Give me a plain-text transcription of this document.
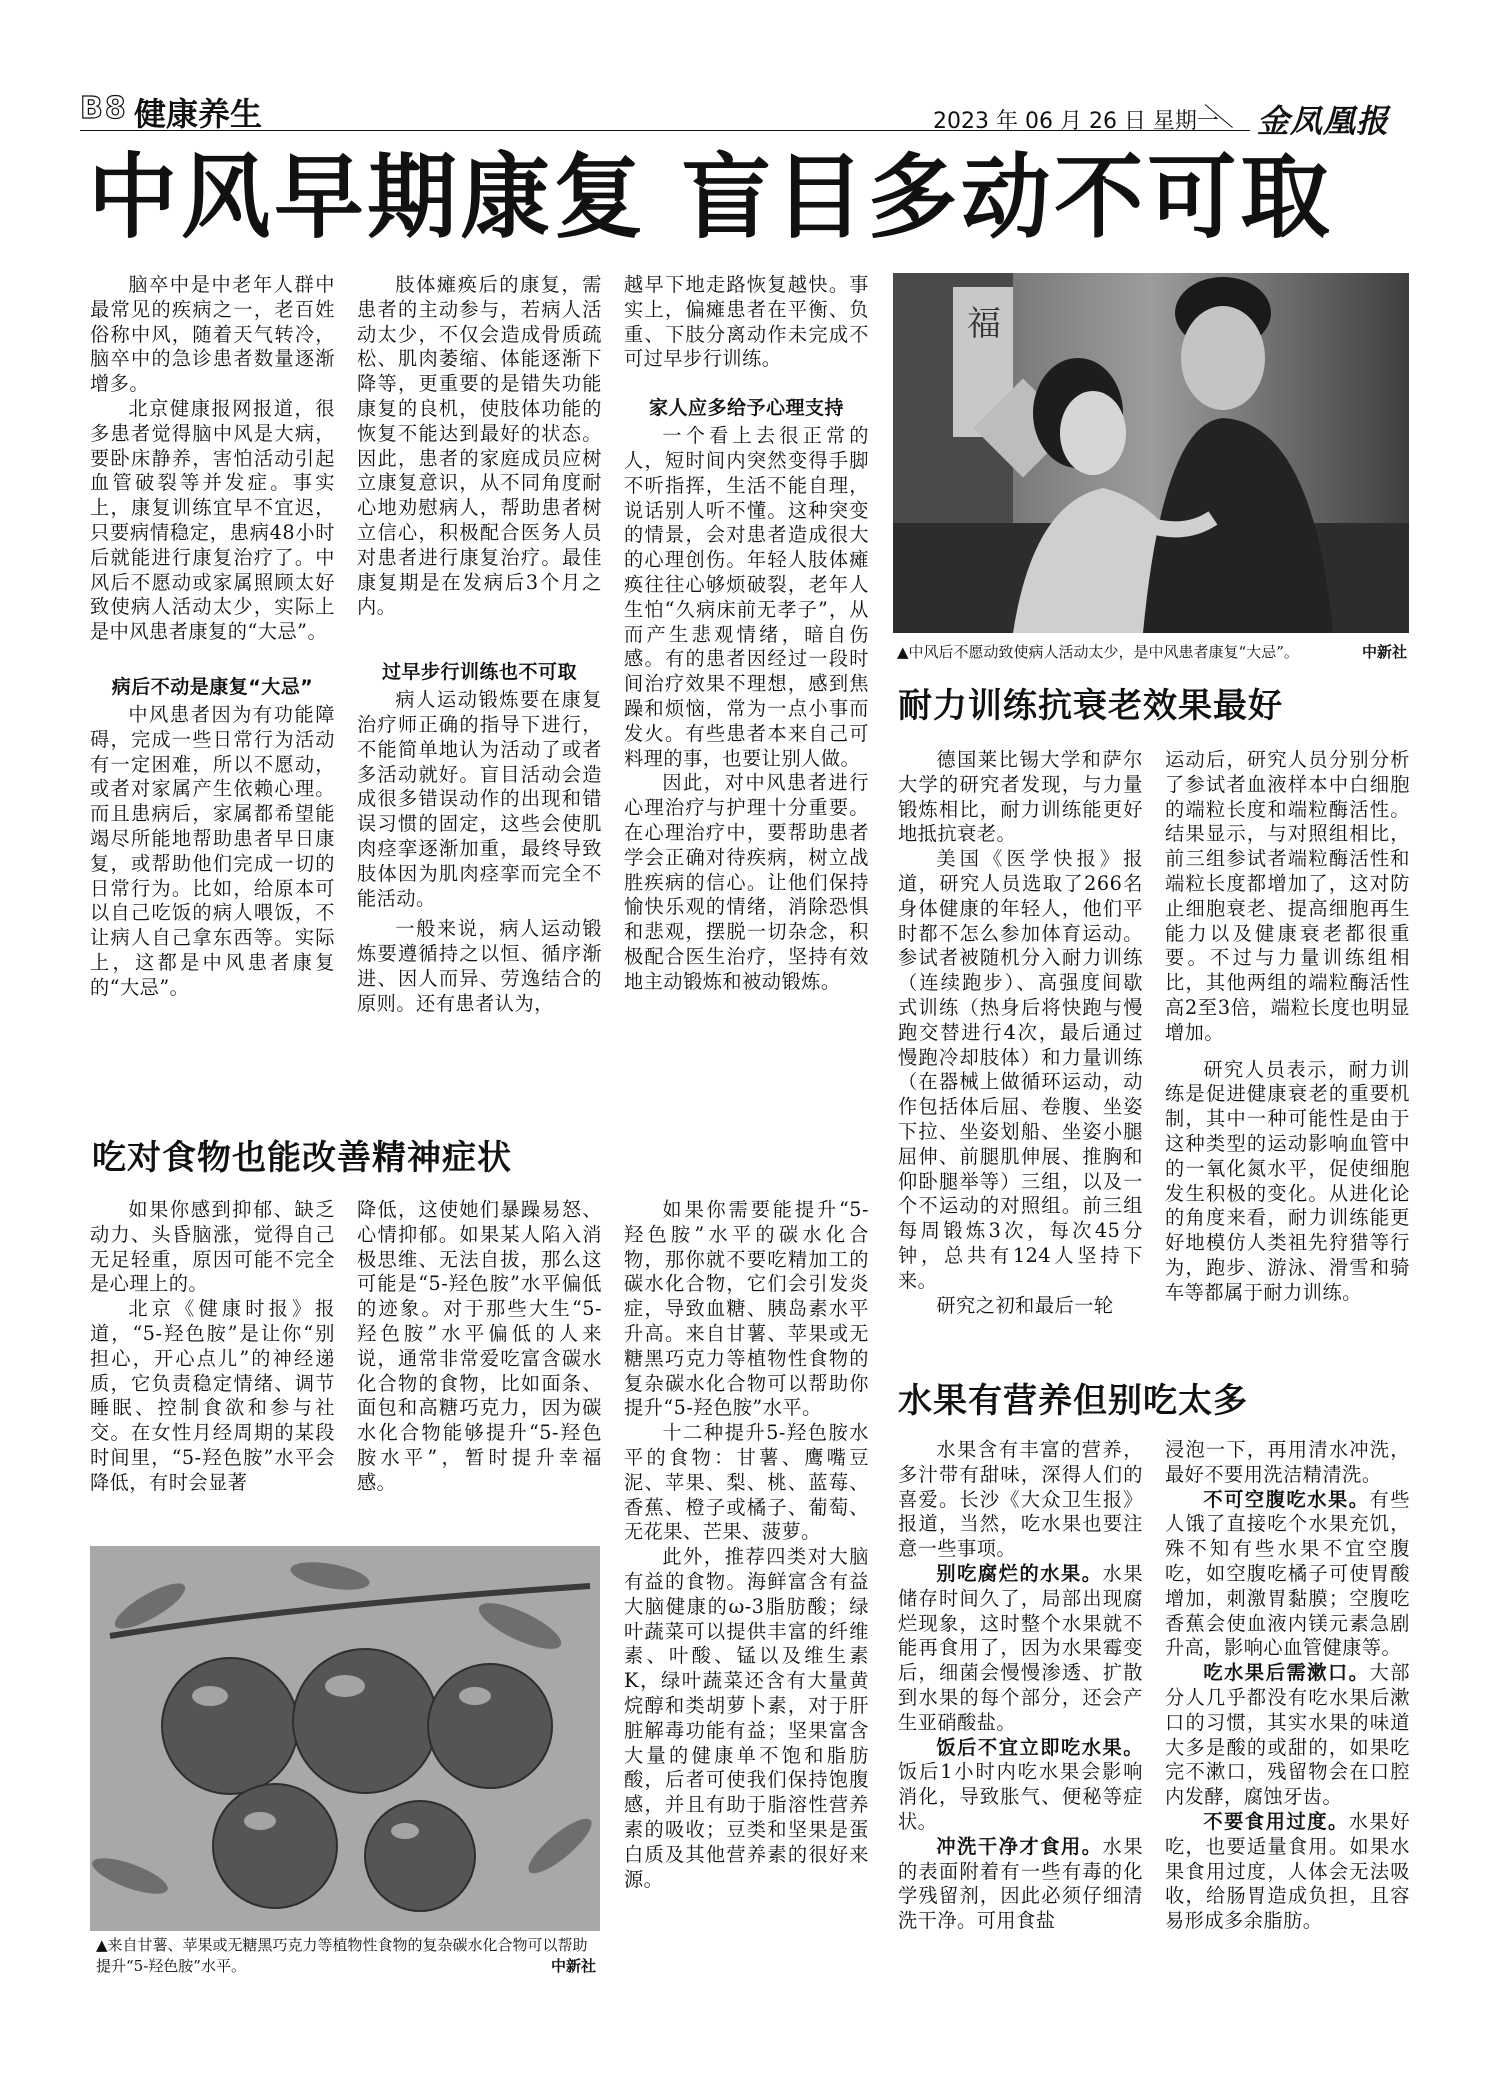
B8 健康养生	2023 年 06 月 26 日 星期一 金凤凰报
中风早期康复 盲目多动不可取

脑卒中是中老年人群中最常见的疾病之一，老百姓俗称中风，随着天气转冷，脑卒中的急诊患者数量逐渐增多。

北京健康报网报道，很多患者觉得脑中风是大病，要卧床静养，害怕活动引起血管破裂等并发症。事实上，康复训练宜早不宜迟，只要病情稳定，患病48小时后就能进行康复治疗了。中风后不愿动或家属照顾太好致使病人活动太少，实际上是中风患者康复的“大忌”。

病后不动是康复“大忌”

中风患者因为有功能障碍，完成一些日常行为活动有一定困难，所以不愿动，或者对家属产生依赖心理。而且患病后，家属都希望能竭尽所能地帮助患者早日康复，或帮助他们完成一切的日常行为。比如，给原本可以自己吃饭的病人喂饭，不让病人自己拿东西等。实际上，这都是中风患者康复的“大忌”。

肢体瘫痪后的康复，需患者的主动参与，若病人活动太少，不仅会造成骨质疏松、肌肉萎缩、体能逐渐下降等，更重要的是错失功能康复的良机，使肢体功能的恢复不能达到最好的状态。因此，患者的家庭成员应树立康复意识，从不同角度耐心地劝慰病人，帮助患者树立信心，积极配合医务人员对患者进行康复治疗。最佳康复期是在发病后3个月之内。

过早步行训练也不可取

病人运动锻炼要在康复治疗师正确的指导下进行，不能简单地认为活动了或者多活动就好。盲目活动会造成很多错误动作的出现和错误习惯的固定，这些会使肌肉痉挛逐渐加重，最终导致肢体因为肌肉痉挛而完全不能活动。

一般来说，病人运动锻炼要遵循持之以恒、循序渐进、因人而异、劳逸结合的原则。还有患者认为，

越早下地走路恢复越快。事实上，偏瘫患者在平衡、负重、下肢分离动作未完成不可过早步行训练。

家人应多给予心理支持

一个看上去很正常的人，短时间内突然变得手脚不听指挥，生活不能自理，说话别人听不懂。这种突变的情景，会对患者造成很大的心理创伤。年轻人肢体瘫痪往往心够烦破裂，老年人生怕“久病床前无孝子”，从而产生悲观情绪，暗自伤感。有的患者因经过一段时间治疗效果不理想，感到焦躁和烦恼，常为一点小事而发火。有些患者本来自己可料理的事，也要让别人做。

因此，对中风患者进行心理治疗与护理十分重要。在心理治疗中，要帮助患者学会正确对待疾病，树立战胜疾病的信心。让他们保持愉快乐观的情绪，消除恐惧和悲观，摆脱一切杂念，积极配合医生治疗，坚持有效地主动锻炼和被动锻炼。

福
▲中风后不愿动致使病人活动太少，是中风患者康复“大忌”。	中新社
吃对食物也能改善精神症状

如果你感到抑郁、缺乏动力、头昏脑涨，觉得自己无足轻重，原因可能不完全是心理上的。

北京《健康时报》报道，“5-羟色胺”是让你“别担心，开心点儿”的神经递质，它负责稳定情绪、调节睡眠、控制食欲和参与社交。在女性月经周期的某段时间里，“5-羟色胺”水平会降低，有时会显著

降低，这使她们暴躁易怒、心情抑郁。如果某人陷入消极思维、无法自拔，那么这可能是“5-羟色胺”水平偏低的迹象。对于那些大生“5-羟色胺”水平偏低的人来说，通常非常爱吃富含碳水化合物的食物，比如面条、面包和高糖巧克力，因为碳水化合物能够提升“5-羟色胺水平”，暂时提升幸福感。

如果你需要能提升“5-羟色胺”水平的碳水化合物，那你就不要吃精加工的碳水化合物，它们会引发炎症，导致血糖、胰岛素水平升高。来自甘薯、苹果或无糖黑巧克力等植物性食物的复杂碳水化合物可以帮助你提升“5-羟色胺”水平。

十二种提升5-羟色胺水平的食物：甘薯、鹰嘴豆泥、苹果、梨、桃、蓝莓、香蕉、橙子或橘子、葡萄、无花果、芒果、菠萝。

此外，推荐四类对大脑有益的食物。海鲜富含有益大脑健康的ω-3脂肪酸；绿叶蔬菜可以提供丰富的纤维素、叶酸、锰以及维生素K，绿叶蔬菜还含有大量黄烷醇和类胡萝卜素，对于肝脏解毒功能有益；坚果富含大量的健康单不饱和脂肪酸，后者可使我们保持饱腹感，并且有助于脂溶性营养素的吸收；豆类和坚果是蛋白质及其他营养素的很好来源。

▲来自甘薯、苹果或无糖黑巧克力等植物性食物的复杂碳水化合物可以帮助提升“5-羟色胺”水平。	中新社
耐力训练抗衰老效果最好

德国莱比锡大学和萨尔大学的研究者发现，与力量锻炼相比，耐力训练能更好地抵抗衰老。

美国《医学快报》报道，研究人员选取了266名身体健康的年轻人，他们平时都不怎么参加体育运动。参试者被随机分入耐力训练（连续跑步）、高强度间歇式训练（热身后将快跑与慢跑交替进行4次，最后通过慢跑冷却肢体）和力量训练（在器械上做循环运动，动作包括体后屈、卷腹、坐姿下拉、坐姿划船、坐姿小腿屈伸、前腿肌伸展、推胸和仰卧腿举等）三组，以及一个不运动的对照组。前三组每周锻炼3次，每次45分钟，总共有124人坚持下来。

研究之初和最后一轮

运动后，研究人员分别分析了参试者血液样本中白细胞的端粒长度和端粒酶活性。结果显示，与对照组相比，前三组参试者端粒酶活性和端粒长度都增加了，这对防止细胞衰老、提高细胞再生能力以及健康衰老都很重要。不过与力量训练组相比，其他两组的端粒酶活性高2至3倍，端粒长度也明显增加。

研究人员表示，耐力训练是促进健康衰老的重要机制，其中一种可能性是由于这种类型的运动影响血管中的一氧化氮水平，促使细胞发生积极的变化。从进化论的角度来看，耐力训练能更好地模仿人类祖先狩猎等行为，跑步、游泳、滑雪和骑车等都属于耐力训练。

水果有营养但别吃太多

水果含有丰富的营养，多汁带有甜味，深得人们的喜爱。长沙《大众卫生报》报道，当然，吃水果也要注意一些事项。

别吃腐烂的水果。水果储存时间久了，局部出现腐烂现象，这时整个水果就不能再食用了，因为水果霉变后，细菌会慢慢渗透、扩散到水果的每个部分，还会产生亚硝酸盐。

饭后不宜立即吃水果。饭后1小时内吃水果会影响消化，导致胀气、便秘等症状。

冲洗干净才食用。水果的表面附着有一些有毒的化学残留剂，因此必须仔细清洗干净。可用食盐

浸泡一下，再用清水冲洗，最好不要用洗洁精清洗。

不可空腹吃水果。有些人饿了直接吃个水果充饥，殊不知有些水果不宜空腹吃，如空腹吃橘子可使胃酸增加，刺激胃黏膜；空腹吃香蕉会使血液内镁元素急剧升高，影响心血管健康等。

吃水果后需漱口。大部分人几乎都没有吃水果后漱口的习惯，其实水果的味道大多是酸的或甜的，如果吃完不漱口，残留物会在口腔内发酵，腐蚀牙齿。

不要食用过度。水果好吃，也要适量食用。如果水果食用过度，人体会无法吸收，给肠胃造成负担，且容易形成多余脂肪。
